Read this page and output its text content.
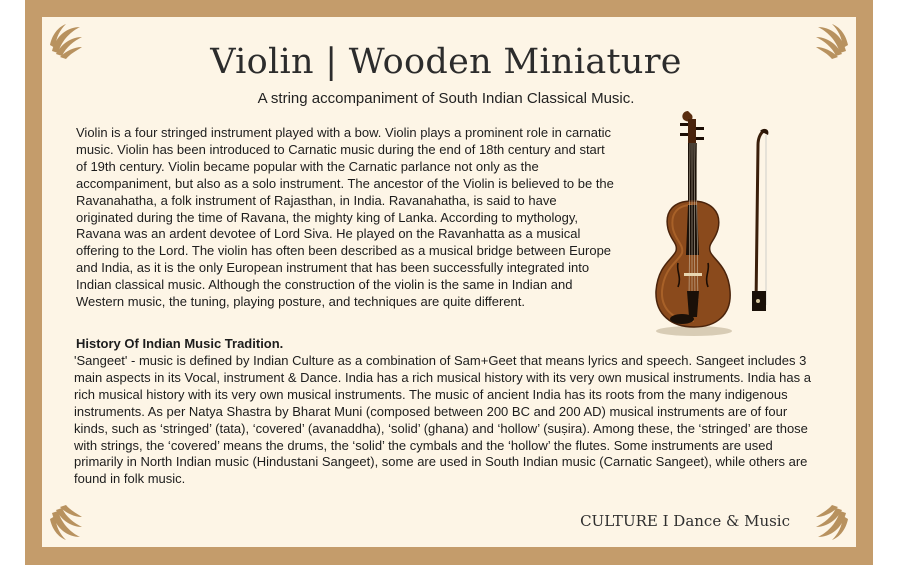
Violin | Wooden Miniature
A string accompaniment of South Indian Classical Music.

Violin is a four stringed instrument played with a bow. Violin plays a prominent role in carnatic music. Violin has been introduced to Carnatic music during the end of 18th century and start of 19th century. Violin became popular with the Carnatic parlance not only as the accompaniment, but also as a solo instrument. The ancestor of the Violin is believed to be the Ravanahatha, a folk instrument of Rajasthan, in India. Ravanahatha, is said to have originated during the time of Ravana, the mighty king of Lanka. According to mythology, Ravana was an ardent devotee of Lord Siva. He played on the Ravanhatta as a musical offering to the Lord. The violin has often been described as a musical bridge between Europe and India, as it is the only European instrument that has been successfully integrated into Indian classical music. Although the construction of the violin is the same in Indian and Western music, the tuning, playing posture, and techniques are quite different.

History Of Indian Music Tradition.

'Sangeet' - music is defined by Indian Culture as a combination of Sam+Geet that means lyrics and speech. Sangeet includes 3 main aspects in its Vocal, instrument & Dance. India has a rich musical history with its very own musical instruments. India has a rich musical history with its very own musical instruments. The music of ancient India has its roots from the many indigenous instruments. As per Natya Shastra by Bharat Muni (composed between 200 BC and 200 AD) musical instruments are of four kinds, such as ‘stringed’ (tata), ‘covered’ (avanaddha), ‘solid’ (ghana) and ‘hollow’ (suṣira). Among these, the ‘stringed’ are those with strings, the ‘covered’ means the drums, the ‘solid’ the cymbals and the ‘hollow’ the flutes. Some instruments are used primarily in North Indian music (Hindustani Sangeet), some are used in South Indian music (Carnatic Sangeet), while others are found in folk music.

CULTURE I Dance & Music
